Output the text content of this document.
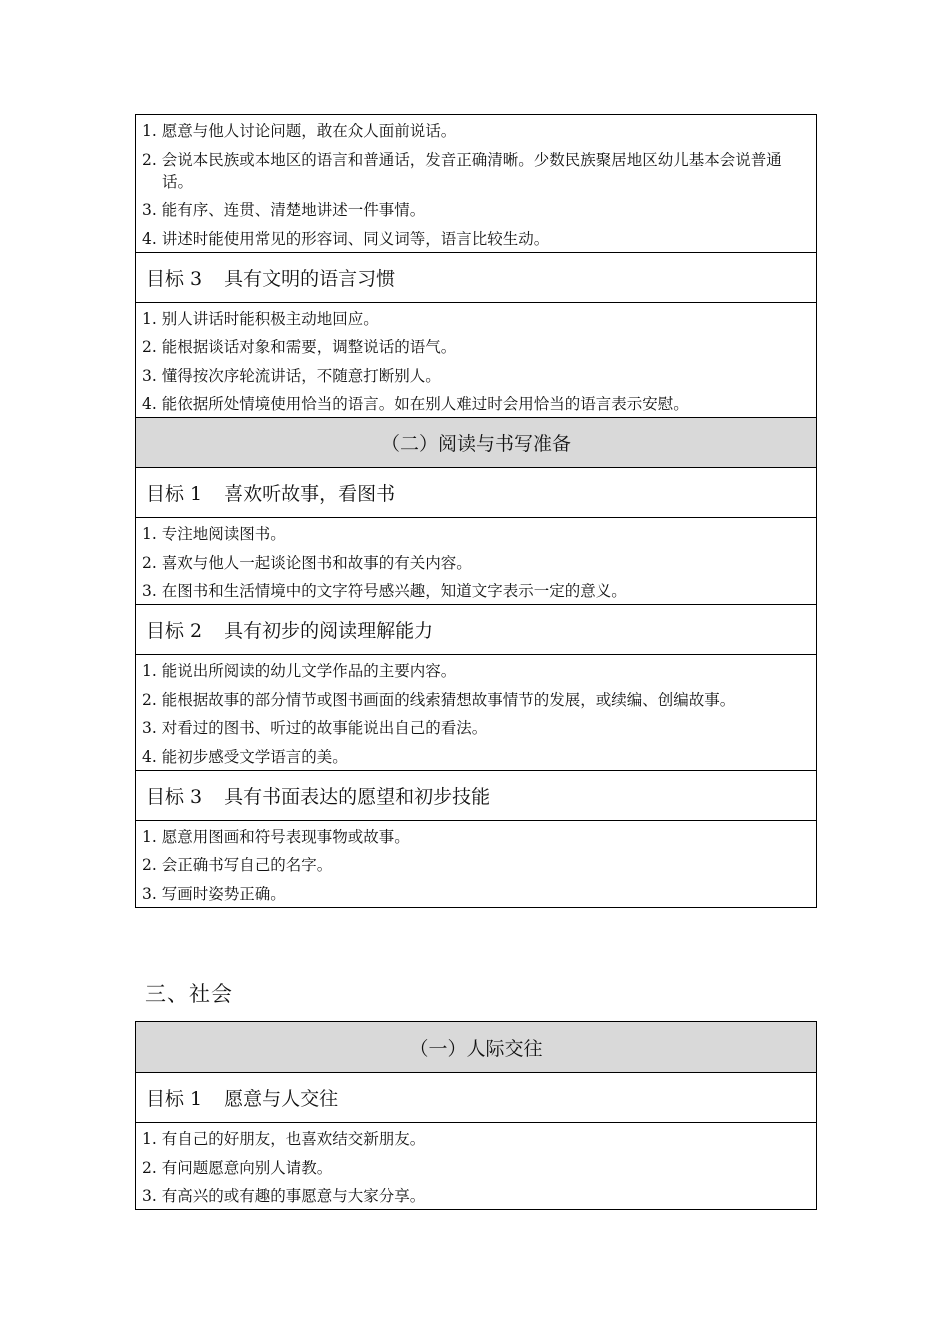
1. 愿意与他人讨论问题，敢在众人面前说话。
2. 会说本民族或本地区的语言和普通话，发音正确清晰。少数民族聚居地区幼儿基本会说普通话。
3. 能有序、连贯、清楚地讲述一件事情。
4. 讲述时能使用常见的形容词、同义词等，语言比较生动。
目标 3 具有文明的语言习惯
1. 别人讲话时能积极主动地回应。
2. 能根据谈话对象和需要，调整说话的语气。
3. 懂得按次序轮流讲话，不随意打断别人。
4. 能依据所处情境使用恰当的语言。如在别人难过时会用恰当的语言表示安慰。
（二）阅读与书写准备
目标 1 喜欢听故事，看图书
1. 专注地阅读图书。
2. 喜欢与他人一起谈论图书和故事的有关内容。
3. 在图书和生活情境中的文字符号感兴趣，知道文字表示一定的意义。
目标 2 具有初步的阅读理解能力
1. 能说出所阅读的幼儿文学作品的主要内容。
2. 能根据故事的部分情节或图书画面的线索猜想故事情节的发展，或续编、创编故事。
3. 对看过的图书、听过的故事能说出自己的看法。
4. 能初步感受文学语言的美。
目标 3 具有书面表达的愿望和初步技能
1. 愿意用图画和符号表现事物或故事。
2. 会正确书写自己的名字。
3. 写画时姿势正确。
三、社会
（一）人际交往
目标 1 愿意与人交往
1. 有自己的好朋友，也喜欢结交新朋友。
2. 有问题愿意向别人请教。
3. 有高兴的或有趣的事愿意与大家分享。
